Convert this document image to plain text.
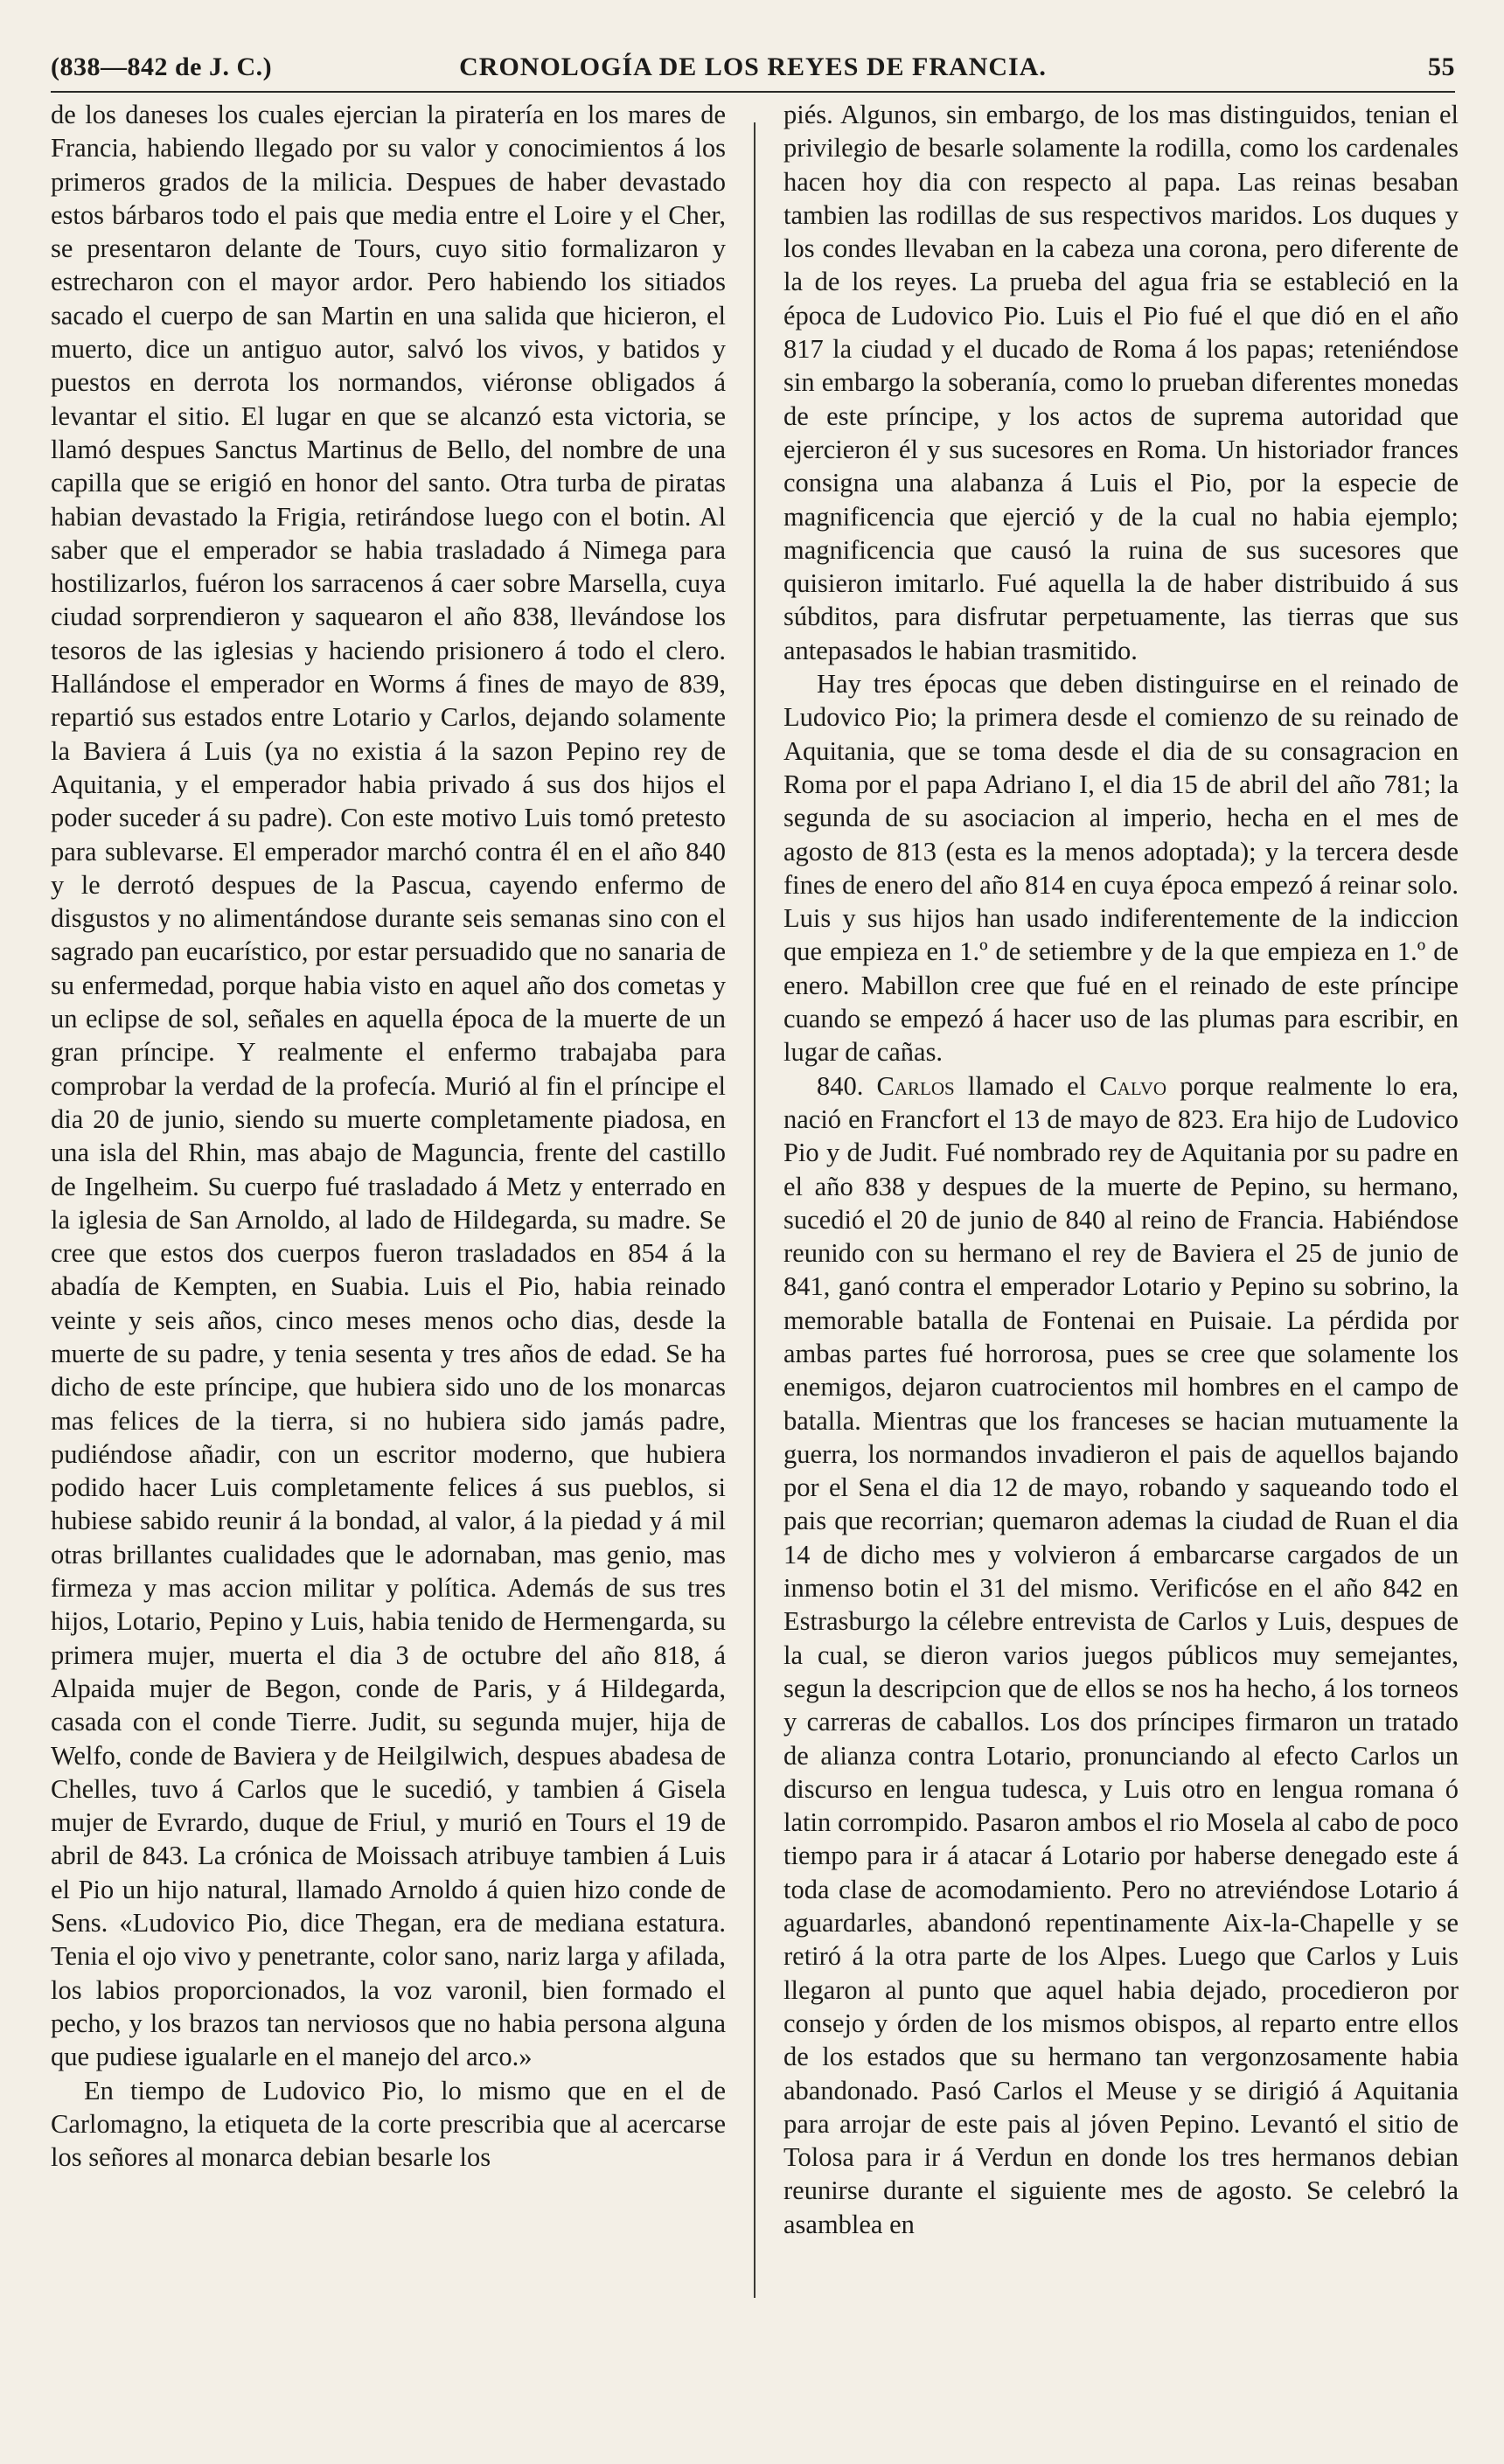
(838—842 de J. C.)	CRONOLOGÍA DE LOS REYES DE FRANCIA.	55

de los daneses los cuales ejercian la piratería en los mares de Francia, habiendo llegado por su valor y conocimientos á los primeros grados de la milicia. Despues de haber devastado estos bárbaros todo el pais que media entre el Loire y el Cher, se presentaron delante de Tours, cuyo sitio formalizaron y estrecharon con el mayor ardor. Pero habiendo los sitiados sacado el cuerpo de san Martin en una salida que hicieron, el muerto, dice un antiguo autor, salvó los vivos, y batidos y puestos en derrota los normandos, viéronse obligados á levantar el sitio. El lugar en que se alcanzó esta victoria, se llamó despues Sanctus Martinus de Bello, del nombre de una capilla que se erigió en honor del santo. Otra turba de piratas habian devastado la Frigia, retirándose luego con el botin. Al saber que el emperador se habia trasladado á Nimega para hostilizarlos, fuéron los sarracenos á caer sobre Marsella, cuya ciudad sorprendieron y saquearon el año 838, llevándose los tesoros de las iglesias y haciendo prisionero á todo el clero. Hallándose el emperador en Worms á fines de mayo de 839, repartió sus estados entre Lotario y Carlos, dejando solamente la Baviera á Luis (ya no existia á la sazon Pepino rey de Aquitania, y el emperador habia privado á sus dos hijos el poder suceder á su padre). Con este motivo Luis tomó pretesto para sublevarse. El emperador marchó contra él en el año 840 y le derrotó despues de la Pascua, cayendo enfermo de disgustos y no alimentándose durante seis semanas sino con el sagrado pan eucarístico, por estar persuadido que no sanaria de su enfermedad, porque habia visto en aquel año dos cometas y un eclipse de sol, señales en aquella época de la muerte de un gran príncipe. Y realmente el enfermo trabajaba para comprobar la verdad de la profecía. Murió al fin el príncipe el dia 20 de junio, siendo su muerte completamente piadosa, en una isla del Rhin, mas abajo de Maguncia, frente del castillo de Ingelheim. Su cuerpo fué trasladado á Metz y enterrado en la iglesia de San Arnoldo, al lado de Hildegarda, su madre. Se cree que estos dos cuerpos fueron trasladados en 854 á la abadía de Kempten, en Suabia. Luis el Pio, habia reinado veinte y seis años, cinco meses menos ocho dias, desde la muerte de su padre, y tenia sesenta y tres años de edad. Se ha dicho de este príncipe, que hubiera sido uno de los monarcas mas felices de la tierra, si no hubiera sido jamás padre, pudiéndose añadir, con un escritor moderno, que hubiera podido hacer Luis completamente felices á sus pueblos, si hubiese sabido reunir á la bondad, al valor, á la piedad y á mil otras brillantes cualidades que le adornaban, mas genio, mas firmeza y mas accion militar y política. Además de sus tres hijos, Lotario, Pepino y Luis, habia tenido de Hermengarda, su primera mujer, muerta el dia 3 de octubre del año 818, á Alpaida mujer de Begon, conde de Paris, y á Hildegarda, casada con el conde Tierre. Judit, su segunda mujer, hija de Welfo, conde de Baviera y de Heilgilwich, despues abadesa de Chelles, tuvo á Carlos que le sucedió, y tambien á Gisela mujer de Evrardo, duque de Friul, y murió en Tours el 19 de abril de 843. La crónica de Moissach atribuye tambien á Luis el Pio un hijo natural, llamado Arnoldo á quien hizo conde de Sens. «Ludovico Pio, dice Thegan, era de mediana estatura. Tenia el ojo vivo y penetrante, color sano, nariz larga y afilada, los labios proporcionados, la voz varonil, bien formado el pecho, y los brazos tan nerviosos que no habia persona alguna que pudiese igualarle en el manejo del arco.»

En tiempo de Ludovico Pio, lo mismo que en el de Carlomagno, la etiqueta de la corte prescribia que al acercarse los señores al monarca debian besarle los

piés. Algunos, sin embargo, de los mas distinguidos, tenian el privilegio de besarle solamente la rodilla, como los cardenales hacen hoy dia con respecto al papa. Las reinas besaban tambien las rodillas de sus respectivos maridos. Los duques y los condes llevaban en la cabeza una corona, pero diferente de la de los reyes. La prueba del agua fria se estableció en la época de Ludovico Pio. Luis el Pio fué el que dió en el año 817 la ciudad y el ducado de Roma á los papas; reteniéndose sin embargo la soberanía, como lo prueban diferentes monedas de este príncipe, y los actos de suprema autoridad que ejercieron él y sus sucesores en Roma. Un historiador frances consigna una alabanza á Luis el Pio, por la especie de magnificencia que ejerció y de la cual no habia ejemplo; magnificencia que causó la ruina de sus sucesores que quisieron imitarlo. Fué aquella la de haber distribuido á sus súbditos, para disfrutar perpetuamente, las tierras que sus antepasados le habian trasmitido.

Hay tres épocas que deben distinguirse en el reinado de Ludovico Pio; la primera desde el comienzo de su reinado de Aquitania, que se toma desde el dia de su consagracion en Roma por el papa Adriano I, el dia 15 de abril del año 781; la segunda de su asociacion al imperio, hecha en el mes de agosto de 813 (esta es la menos adoptada); y la tercera desde fines de enero del año 814 en cuya época empezó á reinar solo. Luis y sus hijos han usado indiferentemente de la indiccion que empieza en 1.º de setiembre y de la que empieza en 1.º de enero. Mabillon cree que fué en el reinado de este príncipe cuando se empezó á hacer uso de las plumas para escribir, en lugar de cañas.

840. Carlos llamado el Calvo porque realmente lo era, nació en Francfort el 13 de mayo de 823. Era hijo de Ludovico Pio y de Judit. Fué nombrado rey de Aquitania por su padre en el año 838 y despues de la muerte de Pepino, su hermano, sucedió el 20 de junio de 840 al reino de Francia. Habiéndose reunido con su hermano el rey de Baviera el 25 de junio de 841, ganó contra el emperador Lotario y Pepino su sobrino, la memorable batalla de Fontenai en Puisaie. La pérdida por ambas partes fué horrorosa, pues se cree que solamente los enemigos, dejaron cuatrocientos mil hombres en el campo de batalla. Mientras que los franceses se hacian mutuamente la guerra, los normandos invadieron el pais de aquellos bajando por el Sena el dia 12 de mayo, robando y saqueando todo el pais que recorrian; quemaron ademas la ciudad de Ruan el dia 14 de dicho mes y volvieron á embarcarse cargados de un inmenso botin el 31 del mismo. Verificóse en el año 842 en Estrasburgo la célebre entrevista de Carlos y Luis, despues de la cual, se dieron varios juegos públicos muy semejantes, segun la descripcion que de ellos se nos ha hecho, á los torneos y carreras de caballos. Los dos príncipes firmaron un tratado de alianza contra Lotario, pronunciando al efecto Carlos un discurso en lengua tudesca, y Luis otro en lengua romana ó latin corrompido. Pasaron ambos el rio Mosela al cabo de poco tiempo para ir á atacar á Lotario por haberse denegado este á toda clase de acomodamiento. Pero no atreviéndose Lotario á aguardarles, abandonó repentinamente Aix-la-Chapelle y se retiró á la otra parte de los Alpes. Luego que Carlos y Luis llegaron al punto que aquel habia dejado, procedieron por consejo y órden de los mismos obispos, al reparto entre ellos de los estados que su hermano tan vergonzosamente habia abandonado. Pasó Carlos el Meuse y se dirigió á Aquitania para arrojar de este pais al jóven Pepino. Levantó el sitio de Tolosa para ir á Verdun en donde los tres hermanos debian reunirse durante el siguiente mes de agosto. Se celebró la asamblea en
